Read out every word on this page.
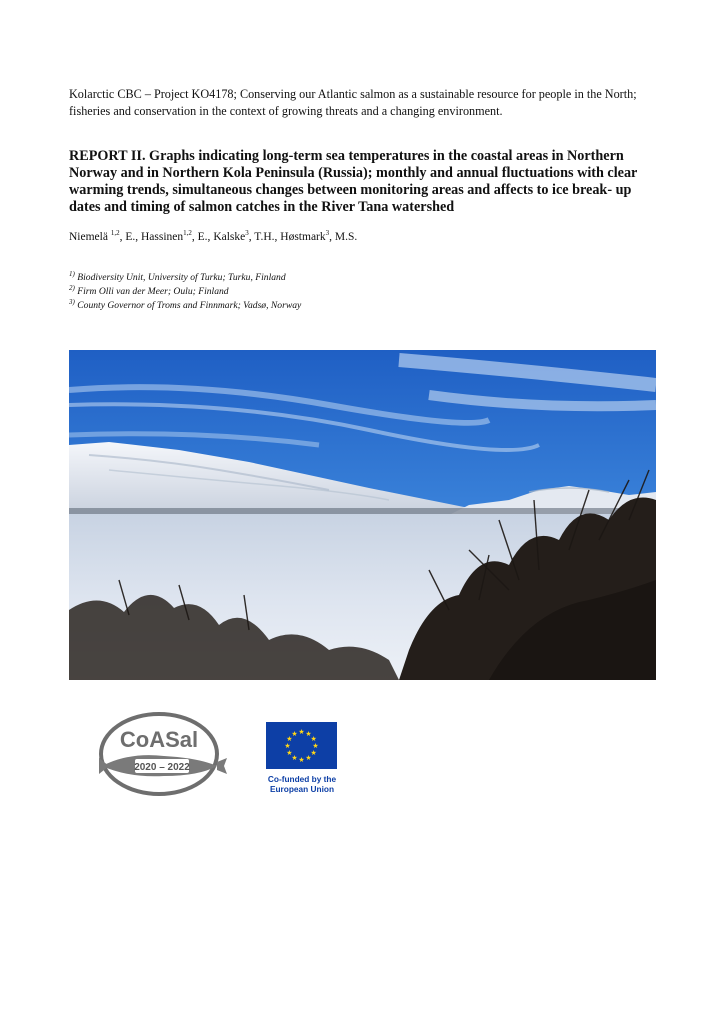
Kolarctic CBC – Project KO4178; Conserving our Atlantic salmon as a sustainable resource for people in the North; fisheries and conservation in the context of growing threats and a changing environment.
REPORT II. Graphs indicating long-term sea temperatures in the coastal areas in Northern Norway and in Northern Kola Peninsula (Russia); monthly and annual fluctuations with clear warming trends, simultaneous changes between monitoring areas and affects to ice break- up dates and timing of salmon catches in the River Tana watershed
Niemelä $^{1,2}$, E., Hassinen$^{1,2}$, E., Kalske$^3$, T.H., Høstmark$^3$, M.S.
$^{1)}$ Biodiversity Unit, University of Turku; Turku, Finland
$^{2)}$ Firm Olli van der Meer; Oulu; Finland
$^{3)}$ County Governor of Troms and Finnmark; Vadsø, Norway
CoASal
2020 – 2022
★ ★
★
★
★
★
★
★
★
★
★
★
Co-funded by the
European Union
